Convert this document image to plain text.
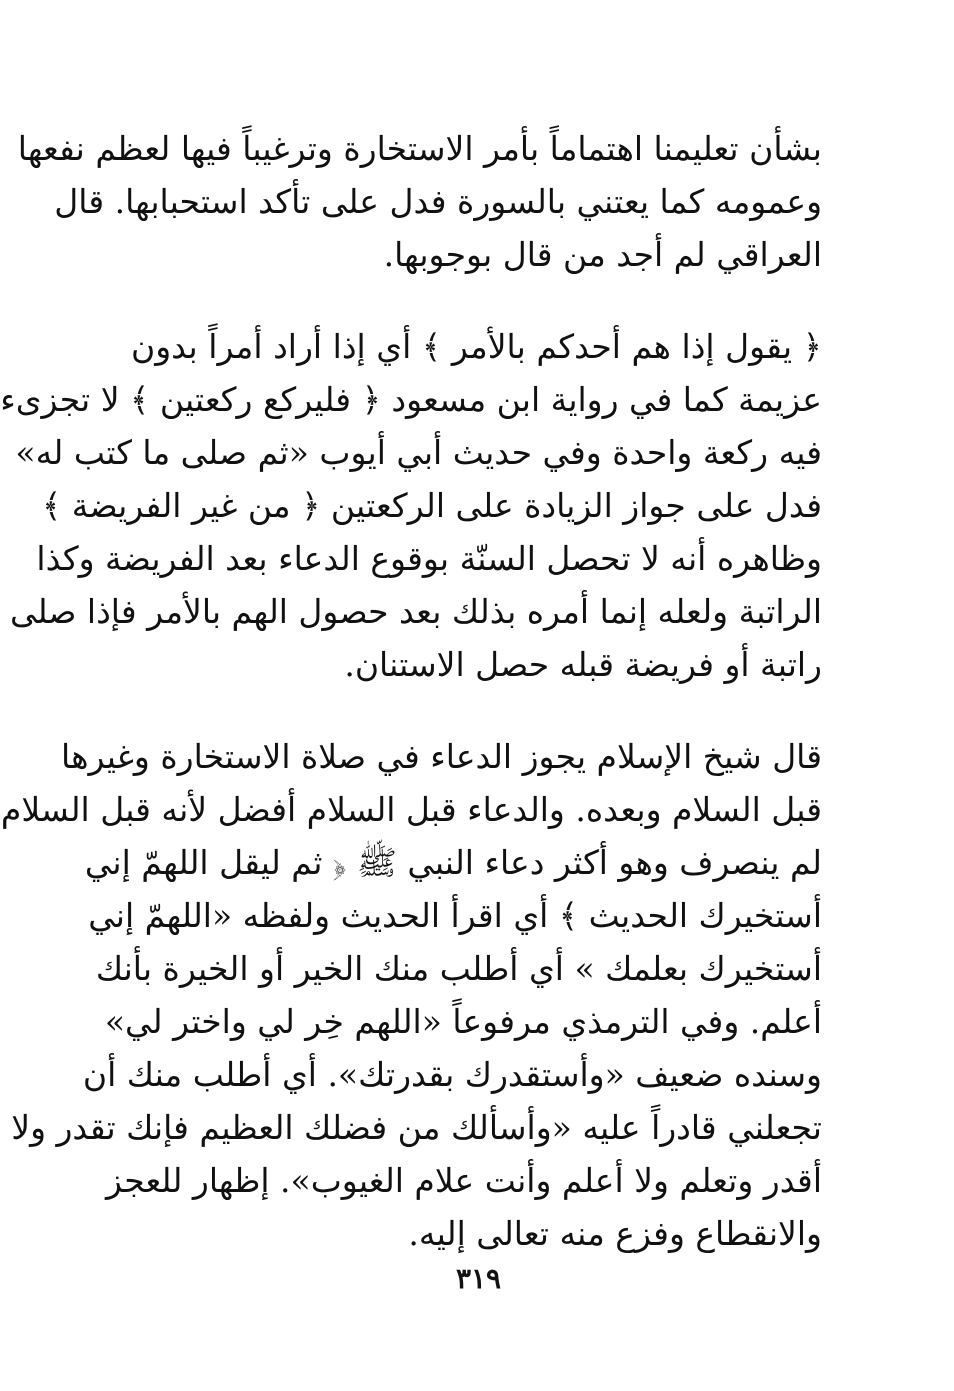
بشأن تعليمنا اهتماماً بأمر الاستخارة وترغيباً فيها لعظم نفعها
وعمومه كما يعتني بالسورة فدل على تأكد استحبابها. قال
العراقي لم أجد من قال بوجوبها.
﴿ يقول إذا هم أحدكم بالأمر ﴾ أي إذا أراد أمراً بدون
عزيمة كما في رواية ابن مسعود ﴿ فليركع ركعتين ﴾ لا تجزىء
فيه ركعة واحدة وفي حديث أبي أيوب «ثم صلى ما كتب له»
فدل على جواز الزيادة على الركعتين ﴿ من غير الفريضة ﴾
وظاهره أنه لا تحصل السنّة بوقوع الدعاء بعد الفريضة وكذا
الراتبة ولعله إنما أمره بذلك بعد حصول الهم بالأمر فإذا صلى
راتبة أو فريضة قبله حصل الاستنان.
قال شيخ الإسلام يجوز الدعاء في صلاة الاستخارة وغيرها
قبل السلام وبعده. والدعاء قبل السلام أفضل لأنه قبل السلام
لم ينصرف وهو أكثر دعاء النبي ﷺ ﴿ ثم ليقل اللهمّ إني
أستخيرك الحديث ﴾ أي اقرأ الحديث ولفظه «اللهمّ إني
أستخيرك بعلمك » أي أطلب منك الخير أو الخيرة بأنك
أعلم. وفي الترمذي مرفوعاً «اللهم خِر لي واختر لي»
وسنده ضعيف «وأستقدرك بقدرتك». أي أطلب منك أن
تجعلني قادراً عليه «وأسألك من فضلك العظيم فإنك تقدر ولا
أقدر وتعلم ولا أعلم وأنت علام الغيوب». إظهار للعجز
والانقطاع وفزع منه تعالى إليه.
٣١٩
